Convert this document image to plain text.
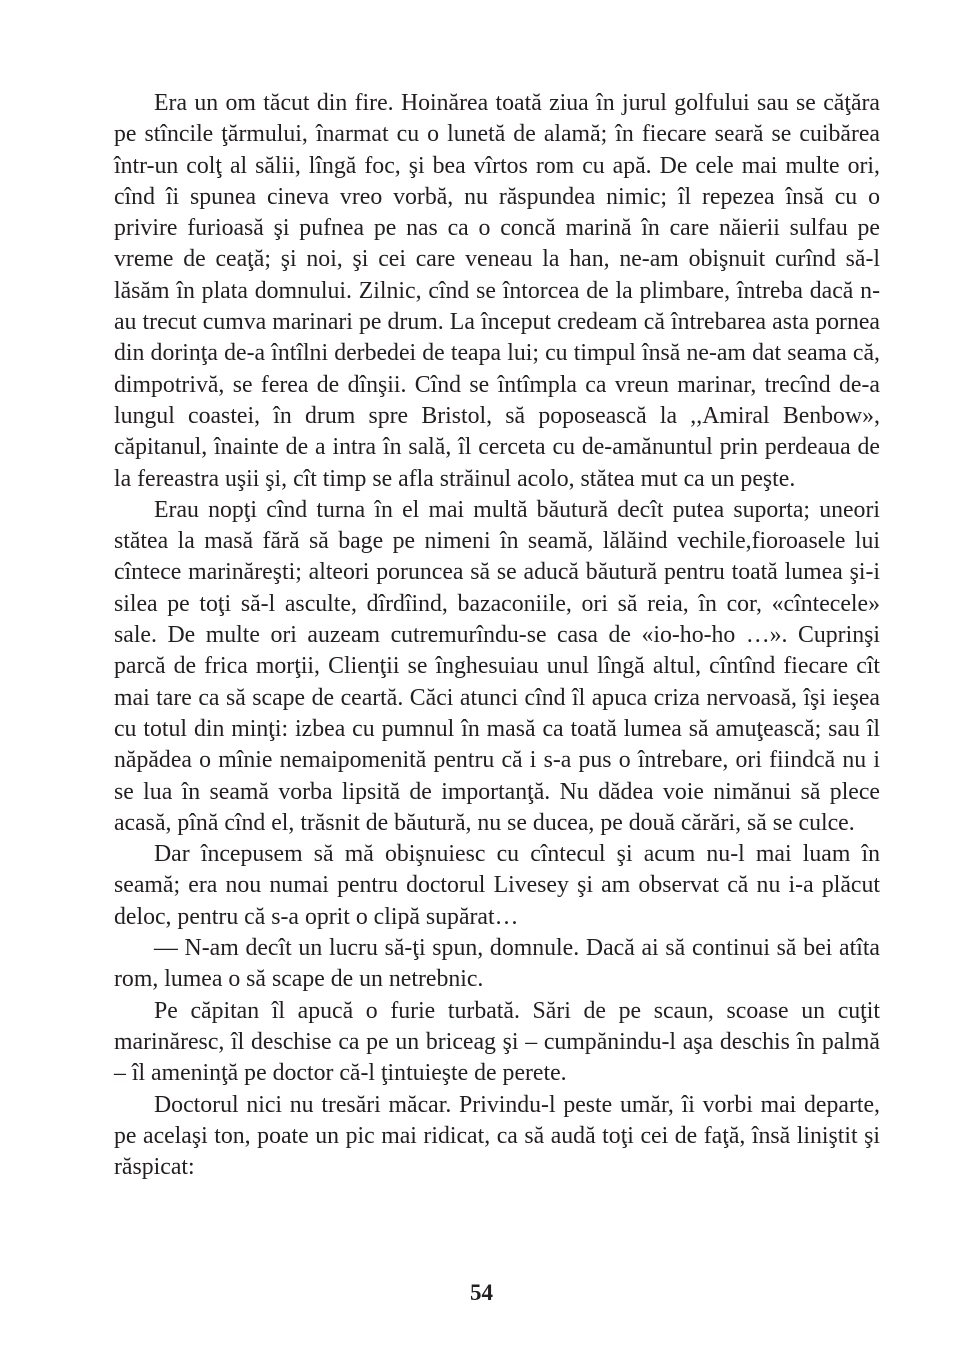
Era un om tăcut din fire. Hoinărea toată ziua în jurul golfului sau se căţăra pe stîncile ţărmului, înarmat cu o lunetă de alamă; în fiecare seară se cuibărea într-un colţ al sălii, lîngă foc, şi bea vîrtos rom cu apă. De cele mai multe ori, cînd îi spunea cineva vreo vorbă, nu răspundea nimic; îl repezea însă cu o privire furioasă şi pufnea pe nas ca o concă marină în care năierii sulfau pe vreme de ceaţă; şi noi, şi cei care veneau la han, ne-am obişnuit curînd să-l lăsăm în plata domnului. Zilnic, cînd se întorcea de la plimbare, întreba dacă n-au trecut cumva marinari pe drum. La început credeam că întrebarea asta pornea din dorinţa de-a întîlni derbedei de teapa lui; cu timpul însă ne-am dat seama că, dimpotrivă, se ferea de dînşii. Cînd se întîmpla ca vreun marinar, trecînd de-a lungul coastei, în drum spre Bristol, să poposească la ,,Amiral Benbow», căpitanul, înainte de a intra în sală, îl cerceta cu de-amănuntul prin perdeaua de la fereastra uşii şi, cît timp se afla străinul acolo, stătea mut ca un peşte.

Erau nopţi cînd turna în el mai multă băutură decît putea suporta; uneori stătea la masă fără să bage pe nimeni în seamă, lălăind vechile,fioroasele lui cîntece marinăreşti; alteori poruncea să se aducă băutură pentru toată lumea şi-i silea pe toţi să-l asculte, dîrdîind, bazaconiile, ori să reia, în cor, «cîntecele» sale. De multe ori auzeam cutremurîndu-se casa de «io-ho-ho …». Cuprinşi parcă de frica morţii, Clienţii se înghesuiau unul lîngă altul, cîntînd fiecare cît mai tare ca să scape de ceartă. Căci atunci cînd îl apuca criza nervoasă, îşi ieşea cu totul din minţi: izbea cu pumnul în masă ca toată lumea să amuţească; sau îl năpădea o mînie nemaipomenită pentru că i s-a pus o întrebare, ori fiindcă nu i se lua în seamă vorba lipsită de importanţă. Nu dădea voie nimănui să plece acasă, pînă cînd el, trăsnit de băutură, nu se ducea, pe două cărări, să se culce.

Dar începusem să mă obişnuiesc cu cîntecul şi acum nu-l mai luam în seamă; era nou numai pentru doctorul Livesey şi am observat că nu i-a plăcut deloc, pentru că s-a oprit o clipă supărat…

— N-am decît un lucru să-ţi spun, domnule. Dacă ai să continui să bei atîta rom, lumea o să scape de un netrebnic.

Pe căpitan îl apucă o furie turbată. Sări de pe scaun, scoase un cuţit marinăresc, îl deschise ca pe un briceag şi – cumpănindu-l aşa deschis în palmă – îl ameninţă pe doctor că-l ţintuieşte de perete.

Doctorul nici nu tresări măcar. Privindu-l peste umăr, îi vorbi mai departe, pe acelaşi ton, poate un pic mai ridicat, ca să audă toţi cei de faţă, însă liniştit şi răspicat:

54
